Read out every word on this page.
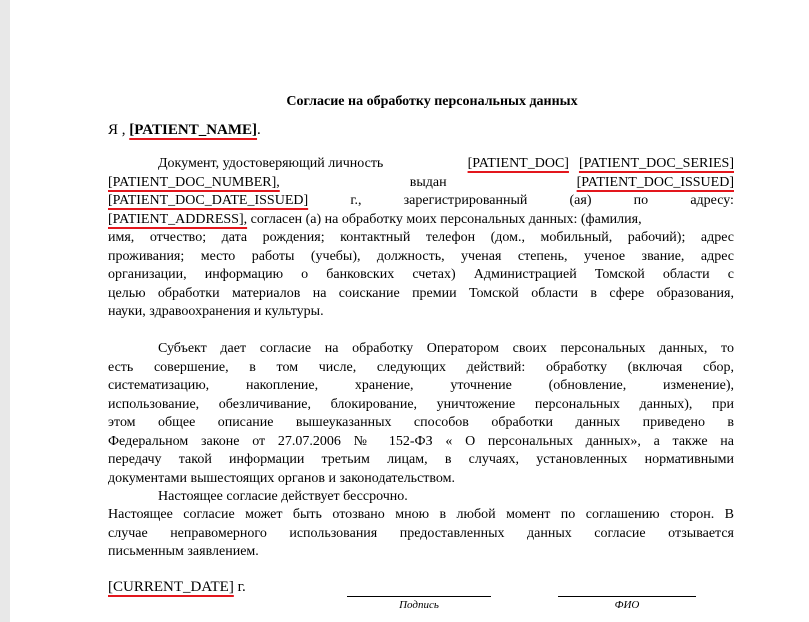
Согласие на обработку персональных данных
Я , [PATIENT_NAME].
Документ, удостоверяющий личность	[PATIENT_DOC] [PATIENT_DOC_SERIES]
[PATIENT_DOC_NUMBER],	выдан	[PATIENT_DOC_ISSUED]
[PATIENT_DOC_DATE_ISSUED]	г.,	зарегистрированный	(ая)	по	адресу:
[PATIENT_ADDRESS], согласен (а) на обработку моих персональных данных: (фамилия,
имя, отчество; дата рождения; контактный телефон (дом., мобильный, рабочий); адрес
проживания; место работы (учебы), должность, ученая степень, ученое звание, адрес
организации, информацию о банковских счетах) Администрацией Томской области с
целью обработки материалов на соискание премии Томской области в сфере образования,
науки, здравоохранения и культуры.
Субъект дает согласие на обработку Оператором своих персональных данных, то
есть совершение, в том числе, следующих действий: обработку (включая сбор,
систематизацию, накопление, хранение, уточнение (обновление, изменение),
использование, обезличивание, блокирование, уничтожение персональных данных), при
этом общее описание вышеуказанных способов обработки данных приведено в
Федеральном законе от 27.07.2006 № 152-ФЗ « О персональных данных», а также на
передачу такой информации третьим лицам, в случаях, установленных нормативными
документами вышестоящих органов и законодательством.
Настоящее согласие действует бессрочно.
Настоящее согласие может быть отозвано мною в любой момент по соглашению сторон. В
случае неправомерного использования предоставленных данных согласие отзывается
письменным заявлением.
[CURRENT_DATE] г.
Подпись	ФИО
